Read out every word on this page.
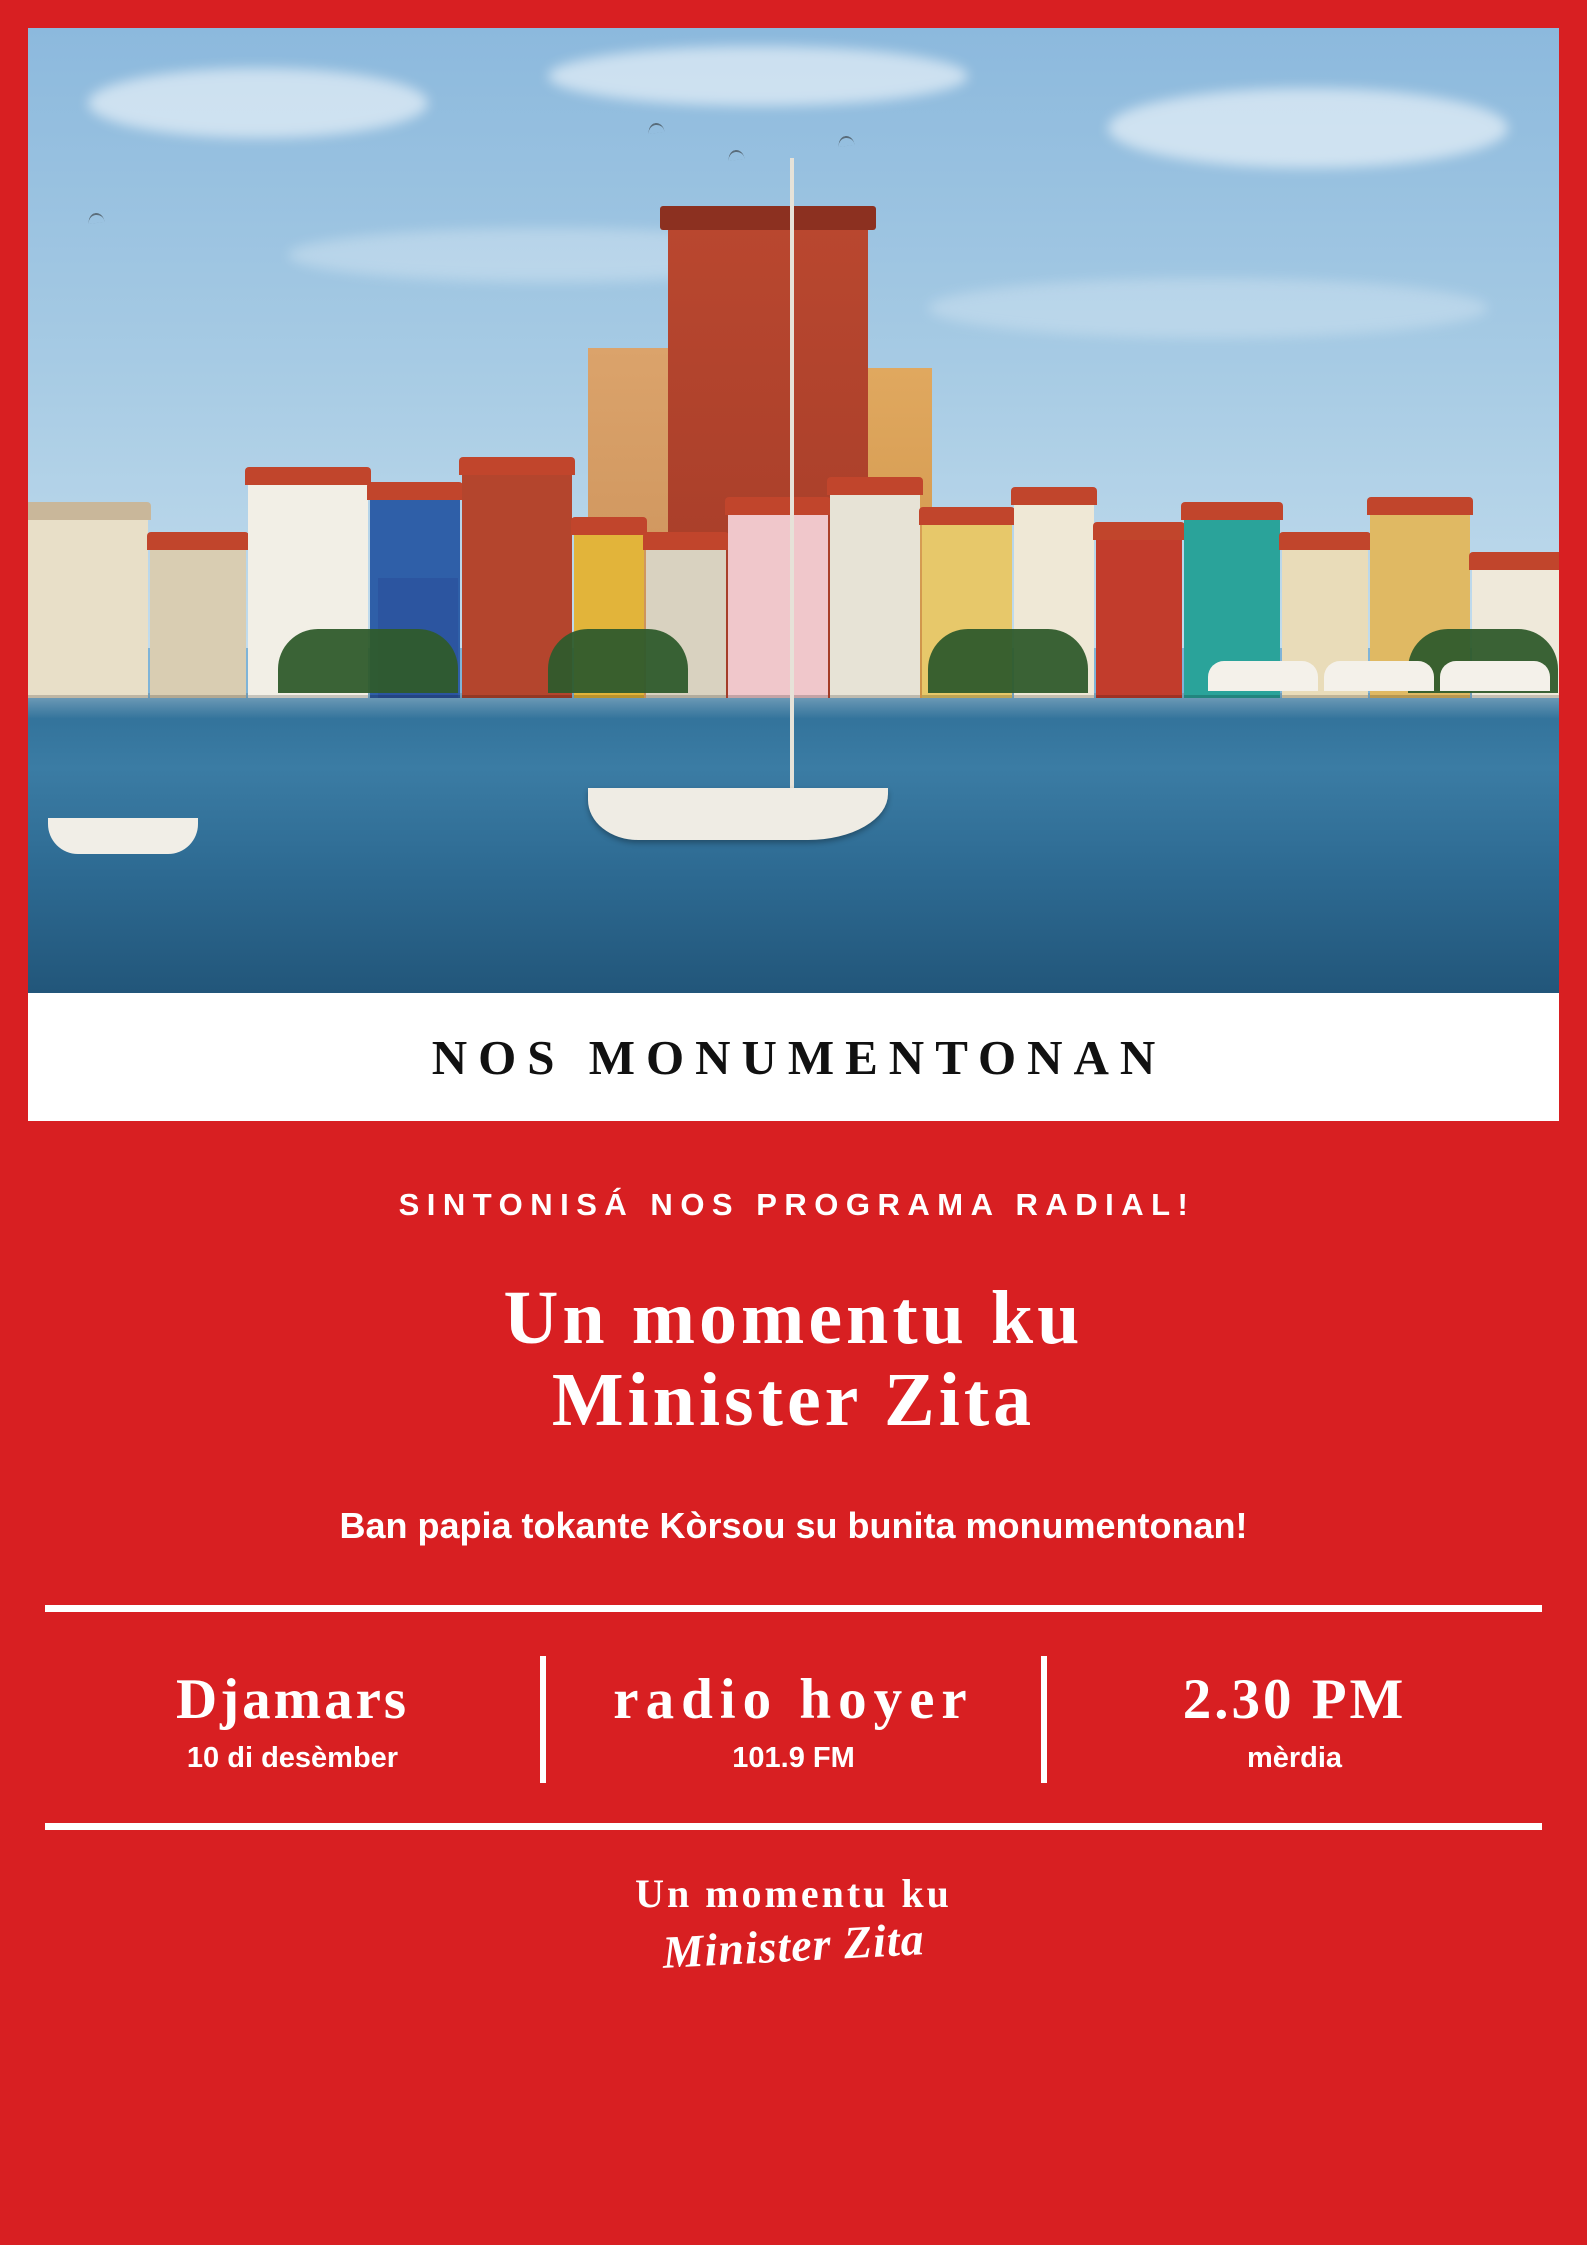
NOS MONUMENTONAN
SINTONISÁ NOS PROGRAMA RADIAL!
Un momentu ku
Minister Zita
Ban papia tokante Kòrsou su bunita monumentonan!
Djamars
10 di desèmber
radio hoyer
101.9 FM
2.30 PM
mèrdia
Un momentu ku
Minister Zita
